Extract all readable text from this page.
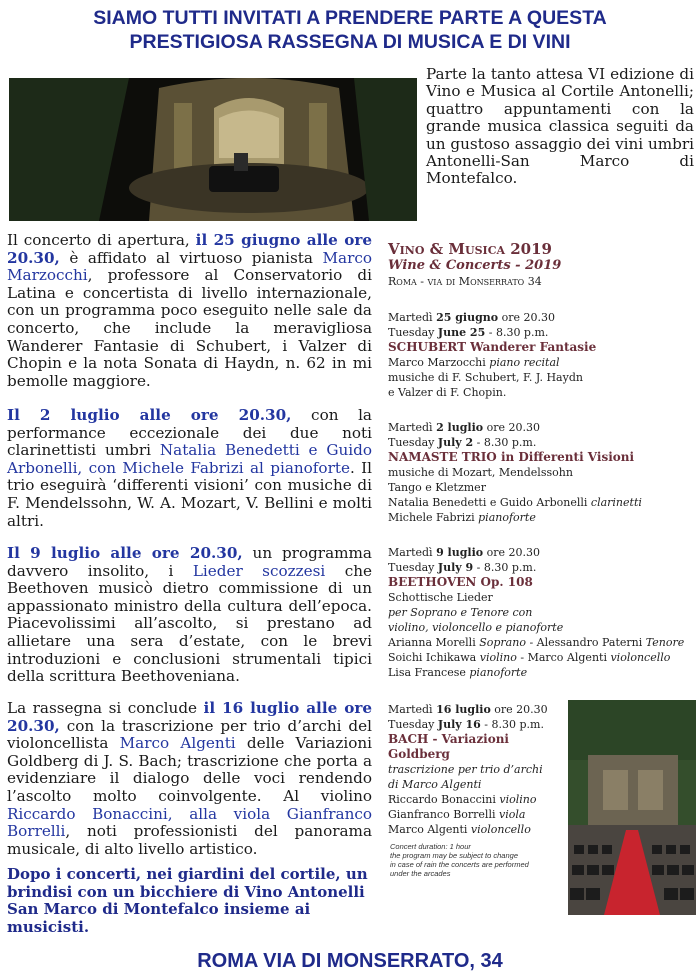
SIAMO TUTTI INVITATI A PRENDERE PARTE A QUESTA
PRESTIGIOSA RASSEGNA DI MUSICA E DI VINI
Parte la tanto attesa VI edizione di Vino e Musica al Cortile Antonelli; quattro appuntamenti con la grande musica classica seguiti da un gustoso assaggio dei vini umbri Antonelli-San Marco di Montefalco.
Il concerto di apertura, il 25 giugno alle ore 20.30, è affidato al virtuoso pianista Marco Marzocchi, professore al Conservatorio di Latina e concertista di livello internazionale, con un programma poco eseguito nelle sale da concerto, che include la meravigliosa Wanderer Fantasie di Schubert, i Valzer di Chopin e la nota Sonata di Haydn, n. 62 in mi bemolle maggiore.
Il 2 luglio alle ore 20.30, con la performance eccezionale dei due noti clarinettisti umbri Natalia Benedetti e Guido Arbonelli, con Michele Fabrizi al pianoforte. Il trio eseguirà ‘differenti visioni’ con musiche di F. Mendelssohn, W. A. Mozart, V. Bellini e molti altri.
Il 9 luglio alle ore 20.30, un programma davvero insolito, i Lieder scozzesi che Beethoven musicò dietro commissione di un appassionato ministro della cultura dell’epoca. Piacevolissimi all’ascolto, si prestano ad allietare una sera d’estate, con le brevi introduzioni e conclusioni strumentali tipici della scrittura Beethoveniana.
La rassegna si conclude il 16 luglio alle ore 20.30, con la trascrizione per trio d’archi del violoncellista Marco Algenti delle Variazioni Goldberg di J. S. Bach; trascrizione che porta a evidenziare il dialogo delle voci rendendo l’ascolto molto coinvolgente. Al violino Riccardo Bonaccini, alla viola Gianfranco Borrelli, noti professionisti del panorama musicale, di alto livello artistico.
Dopo i concerti, nei giardini del cortile, un brindisi con un bicchiere di Vino Antonelli San Marco di Montefalco insieme ai musicisti.
Vino & Musica 2019
Wine & Concerts - 2019
Roma - via di Monserrato 34
Martedì 25 giugno ore 20.30
Tuesday June 25 - 8.30 p.m.
SCHUBERT Wanderer Fantasie
Marco Marzocchi piano recital
musiche di F. Schubert, F. J. Haydn
e Valzer di F. Chopin.
Martedì 2 luglio ore 20.30
Tuesday July 2 - 8.30 p.m.
NAMASTE TRIO in Differenti Visioni
musiche di Mozart, Mendelssohn
Tango e Kletzmer
Natalia Benedetti e Guido Arbonelli clarinetti
Michele Fabrizi pianoforte
Martedì 9 luglio ore 20.30
Tuesday July 9 - 8.30 p.m.
BEETHOVEN Op. 108
Schottische Lieder
per Soprano e Tenore con
violino, violoncello e pianoforte
Arianna Morelli Soprano - Alessandro Paterni Tenore
Soichi Ichikawa violino - Marco Algenti violoncello
Lisa Francese pianoforte
Martedì 16 luglio ore 20.30
Tuesday July 16 - 8.30 p.m.
BACH - Variazioni Goldberg
trascrizione per trio d’archi
di Marco Algenti
Riccardo Bonaccini violino
Gianfranco Borrelli viola
Marco Algenti violoncello
Concert duration: 1 hour
the program may be subject to change
in case of rain the concerts are performed
under the arcades
ROMA VIA DI MONSERRATO, 34
